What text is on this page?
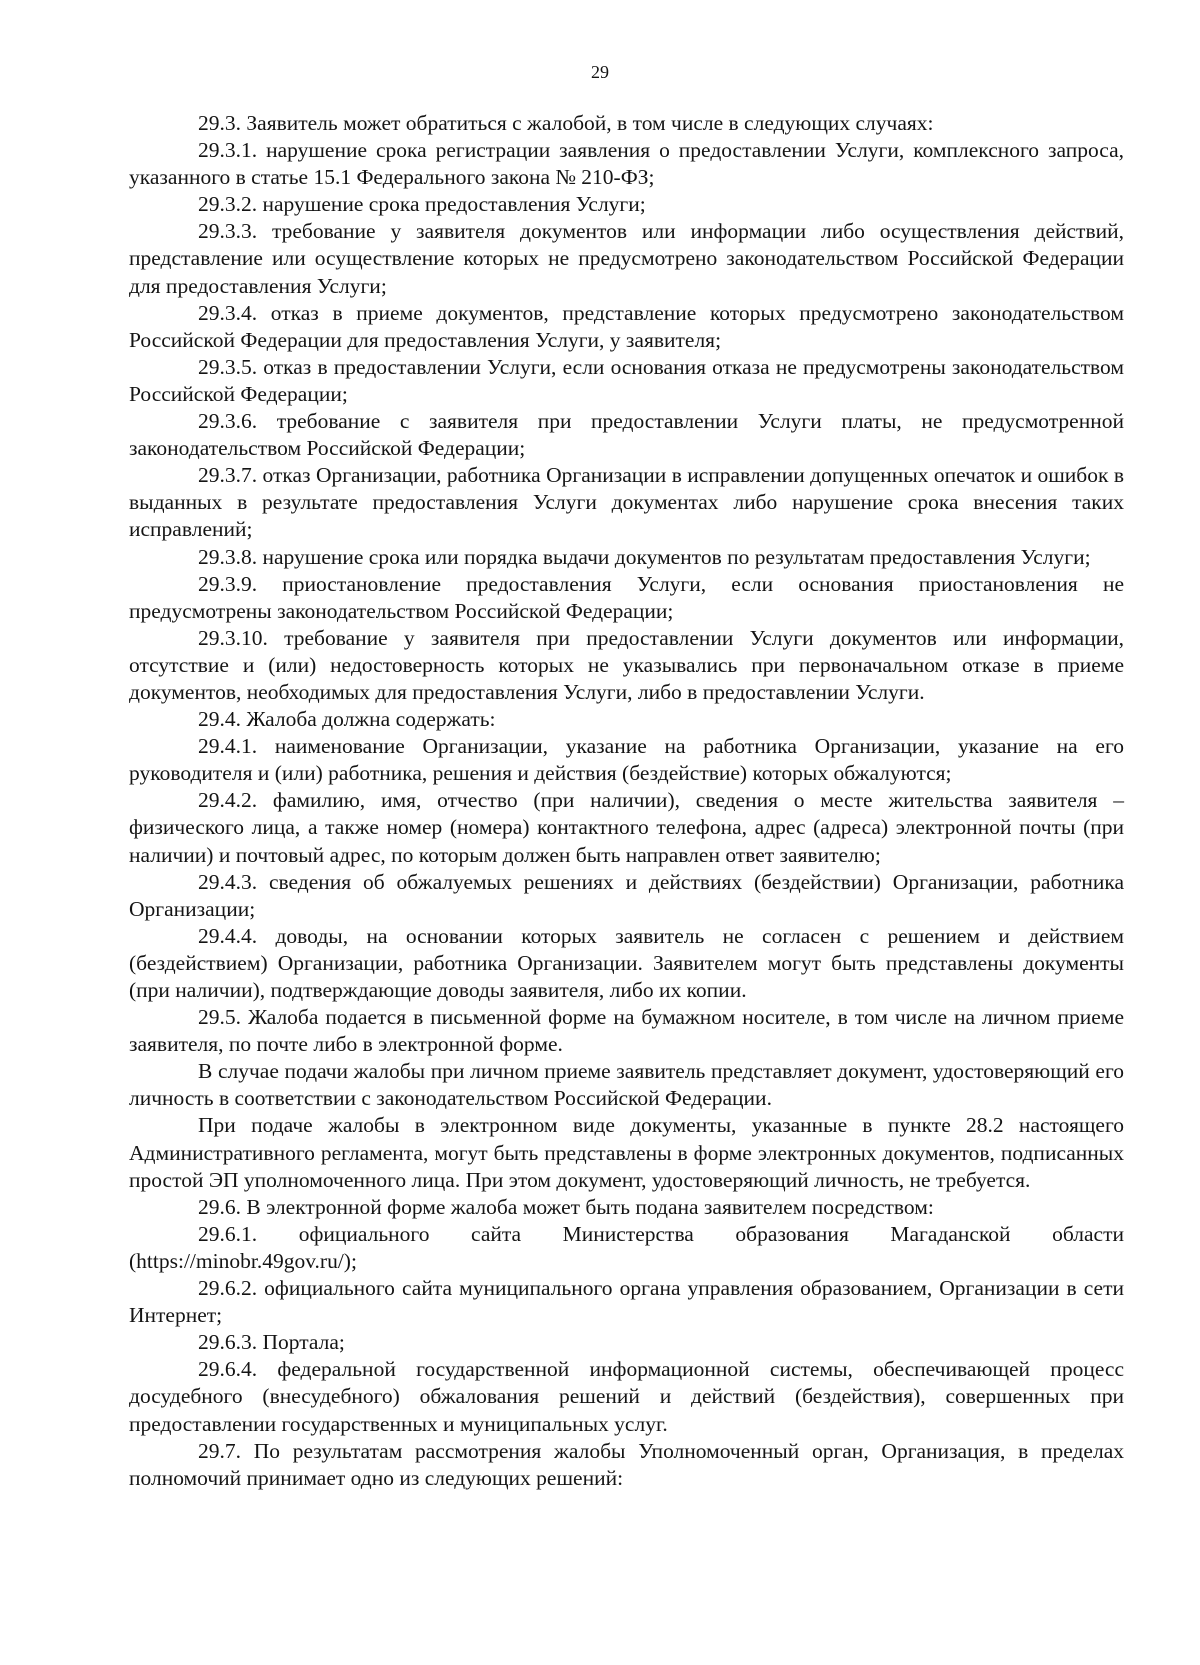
29

29.3. Заявитель может обратиться с жалобой, в том числе в следующих случаях:

29.3.1. нарушение срока регистрации заявления о предоставлении Услуги, комплексного запроса, указанного в статье 15.1 Федерального закона № 210-ФЗ;

29.3.2. нарушение срока предоставления Услуги;

29.3.3. требование у заявителя документов или информации либо осуществления действий, представление или осуществление которых не предусмотрено законодательством Российской Федерации для предоставления Услуги;

29.3.4. отказ в приеме документов, представление которых предусмотрено законодательством Российской Федерации для предоставления Услуги, у заявителя;

29.3.5. отказ в предоставлении Услуги, если основания отказа не предусмотрены законодательством Российской Федерации;

29.3.6. требование с заявителя при предоставлении Услуги платы, не предусмотренной законодательством Российской Федерации;

29.3.7. отказ Организации, работника Организации в исправлении допущенных опечаток и ошибок в выданных в результате предоставления Услуги документах либо нарушение срока внесения таких исправлений;

29.3.8. нарушение срока или порядка выдачи документов по результатам предоставления Услуги;

29.3.9. приостановление предоставления Услуги, если основания приостановления не предусмотрены законодательством Российской Федерации;

29.3.10. требование у заявителя при предоставлении Услуги документов или информации, отсутствие и (или) недостоверность которых не указывались при первоначальном отказе в приеме документов, необходимых для предоставления Услуги, либо в предоставлении Услуги.

29.4. Жалоба должна содержать:

29.4.1. наименование Организации, указание на работника Организации, указание на его руководителя и (или) работника, решения и действия (бездействие) которых обжалуются;

29.4.2. фамилию, имя, отчество (при наличии), сведения о месте жительства заявителя – физического лица, а также номер (номера) контактного телефона, адрес (адреса) электронной почты (при наличии) и почтовый адрес, по которым должен быть направлен ответ заявителю;

29.4.3. сведения об обжалуемых решениях и действиях (бездействии) Организации, работника Организации;

29.4.4. доводы, на основании которых заявитель не согласен с решением и действием (бездействием) Организации, работника Организации. Заявителем могут быть представлены документы (при наличии), подтверждающие доводы заявителя, либо их копии.

29.5. Жалоба подается в письменной форме на бумажном носителе, в том числе на личном приеме заявителя, по почте либо в электронной форме.

В случае подачи жалобы при личном приеме заявитель представляет документ, удостоверяющий его личность в соответствии с законодательством Российской Федерации.

При подаче жалобы в электронном виде документы, указанные в пункте 28.2 настоящего Административного регламента, могут быть представлены в форме электронных документов, подписанных простой ЭП уполномоченного лица. При этом документ, удостоверяющий личность, не требуется.

29.6. В электронной форме жалоба может быть подана заявителем посредством:

29.6.1. официального сайта Министерства образования Магаданской области (https://minobr.49gov.ru/);

29.6.2. официального сайта муниципального органа управления образованием, Организации в сети Интернет;

29.6.3. Портала;

29.6.4. федеральной государственной информационной системы, обеспечивающей процесс досудебного (внесудебного) обжалования решений и действий (бездействия), совершенных при предоставлении государственных и муниципальных услуг.

29.7. По результатам рассмотрения жалобы Уполномоченный орган, Организация, в пределах полномочий принимает одно из следующих решений:
